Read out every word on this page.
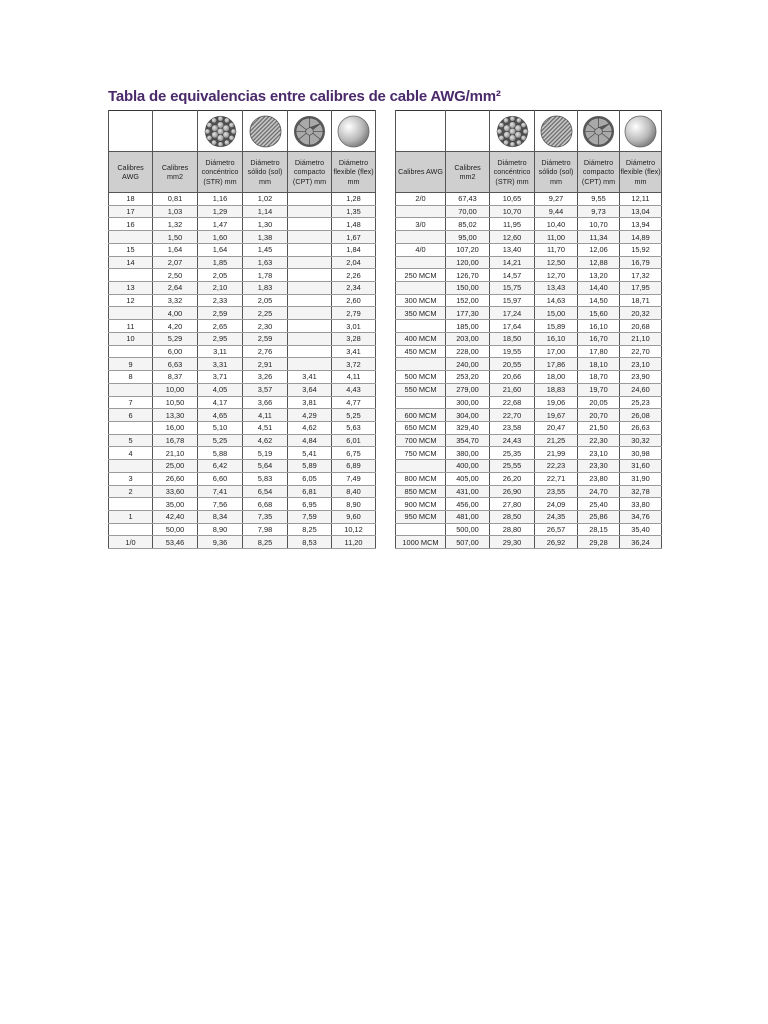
Tabla de equivalencias entre calibres de cable AWG/mm²

Calibres AWG	Calibres mm2	Diámetro concéntrico (STR) mm	Diámetro sólido (sol) mm	Diámetro compacto (CPT) mm	Diámetro flexible (flex) mm
18	0,81	1,16	1,02		1,28
17	1,03	1,29	1,14		1,35
16	1,32	1,47	1,30		1,48
	1,50	1,60	1,38		1,67
15	1,64	1,64	1,45		1,84
14	2,07	1,85	1,63		2,04
	2,50	2,05	1,78		2,26
13	2,64	2,10	1,83		2,34
12	3,32	2,33	2,05		2,60
	4,00	2,59	2,25		2,79
11	4,20	2,65	2,30		3,01
10	5,29	2,95	2,59		3,28
	6,00	3,11	2,76		3,41
9	6,63	3,31	2,91		3,72
8	8,37	3,71	3,26	3,41	4,11
	10,00	4,05	3,57	3,64	4,43
7	10,50	4,17	3,66	3,81	4,77
6	13,30	4,65	4,11	4,29	5,25
	16,00	5,10	4,51	4,62	5,63
5	16,78	5,25	4,62	4,84	6,01
4	21,10	5,88	5,19	5,41	6,75
	25,00	6,42	5,64	5,89	6,89
3	26,60	6,60	5,83	6,05	7,49
2	33,60	7,41	6,54	6,81	8,40
	35,00	7,56	6,68	6,95	8,90
1	42,40	8,34	7,35	7,59	9,60
	50,00	8,90	7,98	8,25	10,12
1/0	53,46	9,36	8,25	8,53	11,20

Calibres AWG	Calibres mm2	Diámetro concéntrico (STR) mm	Diámetro sólido (sol) mm	Diámetro compacto (CPT) mm	Diámetro flexible (flex) mm
2/0	67,43	10,65	9,27	9,55	12,11
	70,00	10,70	9,44	9,73	13,04
3/0	85,02	11,95	10,40	10,70	13,94
	95,00	12,60	11,00	11,34	14,89
4/0	107,20	13,40	11,70	12,06	15,92
	120,00	14,21	12,50	12,88	16,79
250 MCM	126,70	14,57	12,70	13,20	17,32
	150,00	15,75	13,43	14,40	17,95
300 MCM	152,00	15,97	14,63	14,50	18,71
350 MCM	177,30	17,24	15,00	15,60	20,32
	185,00	17,64	15,89	16,10	20,68
400 MCM	203,00	18,50	16,10	16,70	21,10
450 MCM	228,00	19,55	17,00	17,80	22,70
	240,00	20,55	17,86	18,10	23,10
500 MCM	253,20	20,66	18,00	18,70	23,90
550 MCM	279,00	21,60	18,83	19,70	24,60
	300,00	22,68	19,06	20,05	25,23
600 MCM	304,00	22,70	19,67	20,70	26,08
650 MCM	329,40	23,58	20,47	21,50	26,63
700 MCM	354,70	24,43	21,25	22,30	30,32
750 MCM	380,00	25,35	21,99	23,10	30,98
	400,00	25,55	22,23	23,30	31,60
800 MCM	405,00	26,20	22,71	23,80	31,90
850 MCM	431,00	26,90	23,55	24,70	32,78
900 MCM	456,00	27,80	24,09	25,40	33,80
950 MCM	481,00	28,50	24,35	25,86	34,76
	500,00	28,80	26,57	28,15	35,40
1000 MCM	507,00	29,30	26,92	29,28	36,24
